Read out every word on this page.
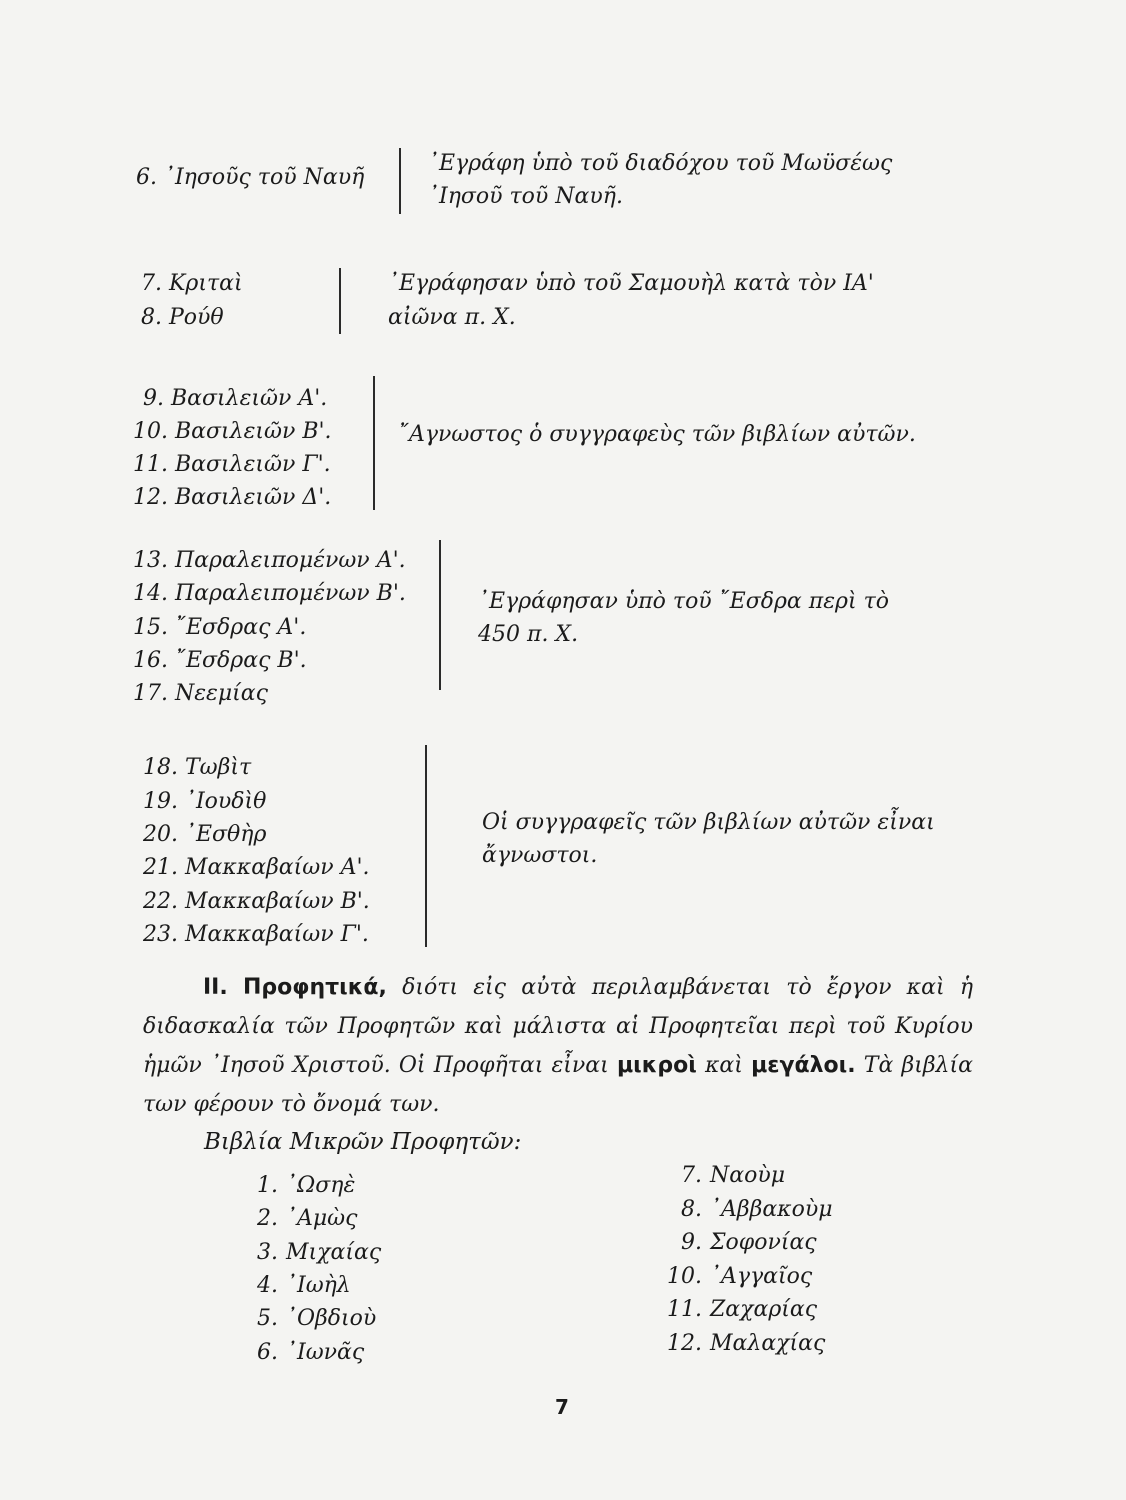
6. ᾿Ιησοῦς τοῦ Ναυῆ
᾿Εγράφη ὑπὸ τοῦ διαδόχου τοῦ Μωϋσέως
᾿Ιησοῦ τοῦ Ναυῆ.
7. Κριταὶ
8. Ρούθ
᾿Εγράφησαν ὑπὸ τοῦ Σαμουὴλ κατὰ τὸν ΙΑ'
αἰῶνα π. Χ.
9. Βασιλειῶν Α'.
10. Βασιλειῶν Β'.
11. Βασιλειῶν Γ'.
12. Βασιλειῶν Δ'.
῎Αγνωστος ὁ συγγραφεὺς τῶν βιβλίων αὐτῶν.
13. Παραλειπομένων Α'.
14. Παραλειπομένων Β'.
15. ῎Εσδρας Α'.
16. ῎Εσδρας Β'.
17. Νεεμίας
᾿Εγράφησαν ὑπὸ τοῦ ῎Εσδρα περὶ τὸ
450 π. Χ.
18. Τωβὶτ
19. ᾿Ιουδὶθ
20. ᾿Εσθὴρ
21. Μακκαβαίων Α'.
22. Μακκαβαίων Β'.
23. Μακκαβαίων Γ'.
Οἱ συγγραφεῖς τῶν βιβλίων αὐτῶν εἶναι
ἄγνωστοι.
ΙΙ. Προφητικά, διότι εἰς αὐτὰ περιλαμβάνεται τὸ ἔργον καὶ ἡ διδασκαλία τῶν Προφητῶν καὶ μάλιστα αἱ Προφητεῖαι περὶ τοῦ Κυρίου ἡμῶν ᾿Ιησοῦ Χριστοῦ. Οἱ Προφῆται εἶναι μικροὶ καὶ μεγάλοι. Τὰ βιβλία των φέρουν τὸ ὄνομά των.
Βιβλία Μικρῶν Προφητῶν:
1. ᾿Ωσηὲ
2. ᾿Αμὼς
3. Μιχαίας
4. ᾿Ιωὴλ
5. ᾿Οβδιοὺ
6. ᾿Ιωνᾶς
7. Ναοὺμ
8. ᾿Αββακοὺμ
9. Σοφονίας
10. ᾿Αγγαῖος
11. Ζαχαρίας
12. Μαλαχίας
7
